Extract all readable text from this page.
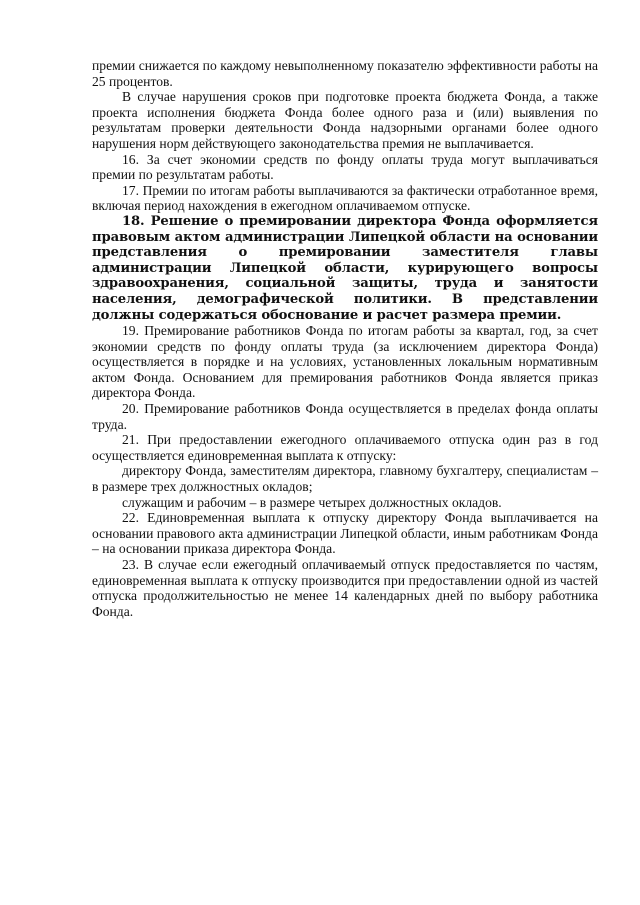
премии снижается по каждому невыполненному показателю эффективности работы на 25 процентов.

В случае нарушения сроков при подготовке проекта бюджета Фонда, а также проекта исполнения бюджета Фонда более одного раза и (или) выявления по результатам проверки деятельности Фонда надзорными органами более одного нарушения норм действующего законодательства премия не выплачивается.

16. За счет экономии средств по фонду оплаты труда могут выплачиваться премии по результатам работы.

17. Премии по итогам работы выплачиваются за фактически отработанное время, включая период нахождения в ежегодном оплачиваемом отпуске.

18. Решение о премировании директора Фонда оформляется правовым актом администрации Липецкой области на основании представления о премировании заместителя главы администрации Липецкой области, курирующего вопросы здравоохранения, социальной защиты, труда и занятости населения, демографической политики. В представлении должны содержаться обоснование и расчет размера премии.

19. Премирование работников Фонда по итогам работы за квартал, год, за счет экономии средств по фонду оплаты труда (за исключением директора Фонда) осуществляется в порядке и на условиях, установленных локальным нормативным актом Фонда. Основанием для премирования работников Фонда является приказ директора Фонда.

20. Премирование работников Фонда осуществляется в пределах фонда оплаты труда.

21. При предоставлении ежегодного оплачиваемого отпуска один раз в год осуществляется единовременная выплата к отпуску:

директору Фонда, заместителям директора, главному бухгалтеру, специалистам – в размере трех должностных окладов;

служащим и рабочим – в размере четырех должностных окладов.

22. Единовременная выплата к отпуску директору Фонда выплачивается на основании правового акта администрации Липецкой области, иным работникам Фонда – на основании приказа директора Фонда.

23. В случае если ежегодный оплачиваемый отпуск предоставляется по частям, единовременная выплата к отпуску производится при предоставлении одной из частей отпуска продолжительностью не менее 14 календарных дней по выбору работника Фонда.
